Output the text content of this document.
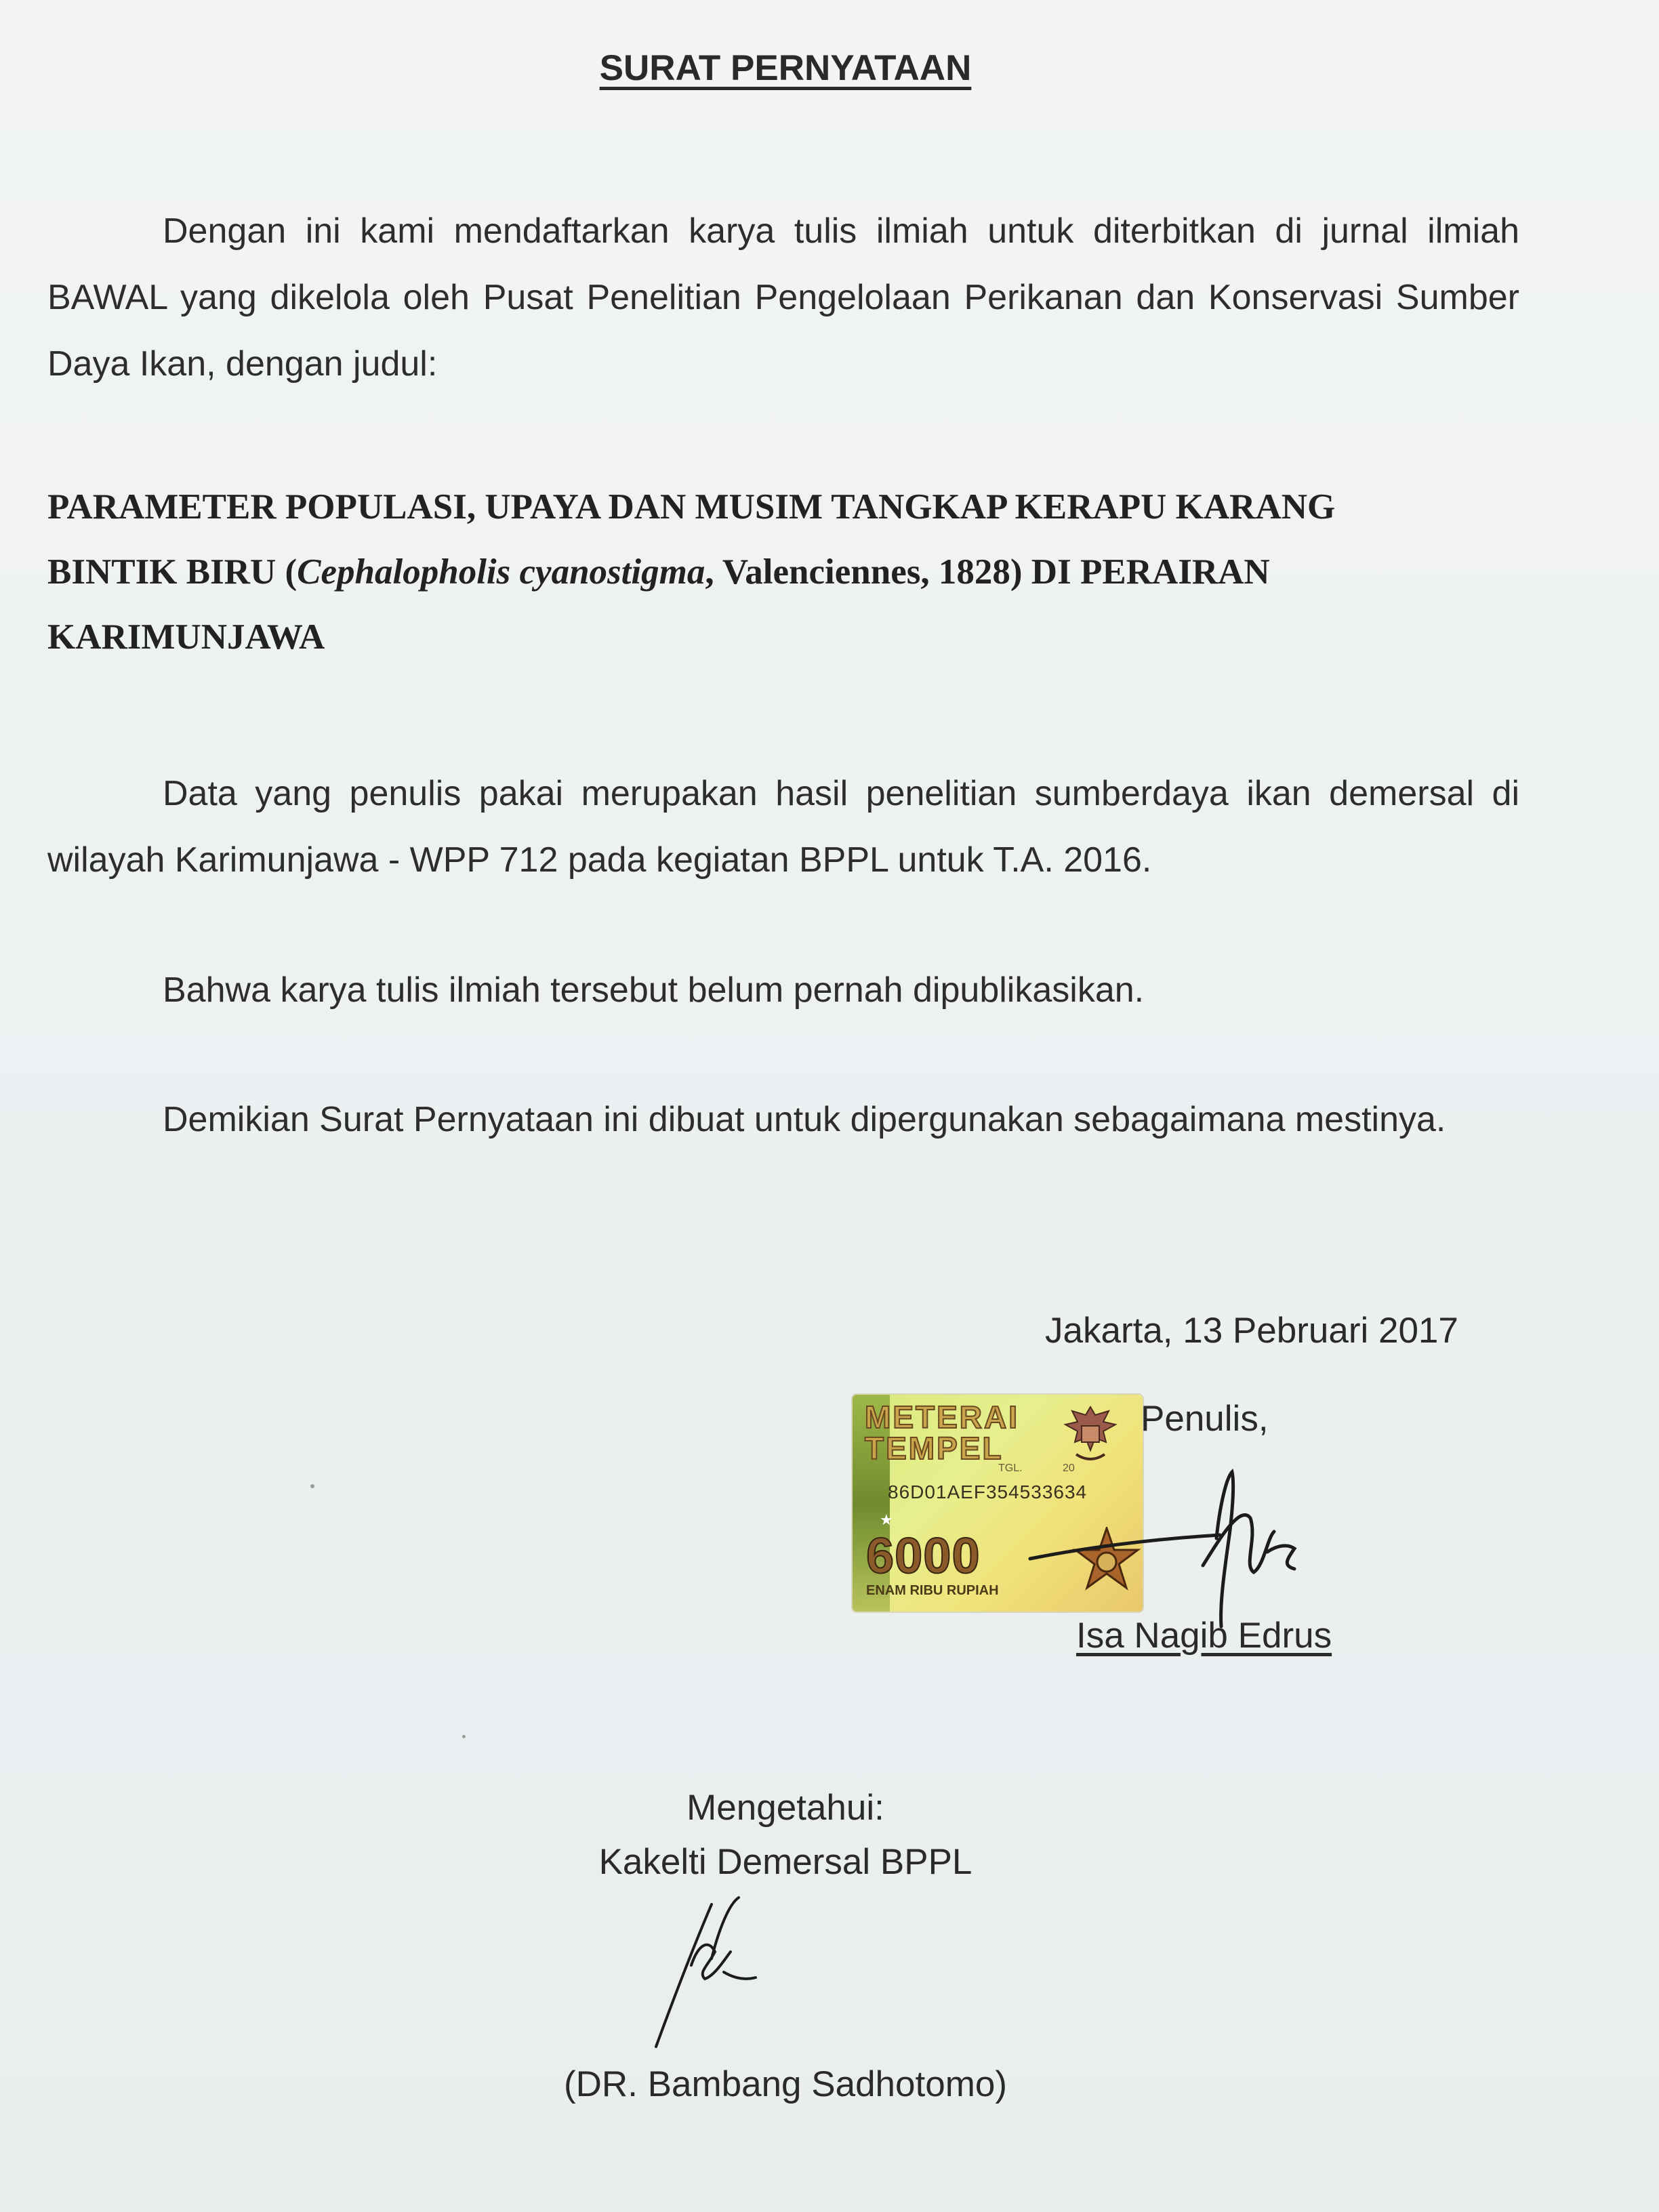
SURAT PERNYATAAN
Dengan ini kami mendaftarkan karya tulis ilmiah untuk diterbitkan di jurnal ilmiah BAWAL yang dikelola oleh Pusat Penelitian Pengelolaan Perikanan dan Konservasi Sumber Daya Ikan, dengan judul:
PARAMETER POPULASI, UPAYA DAN MUSIM TANGKAP KERAPU KARANG
BINTIK BIRU (Cephalopholis cyanostigma, Valenciennes, 1828) DI PERAIRAN
KARIMUNJAWA
Data yang penulis pakai merupakan hasil penelitian sumberdaya ikan demersal di wilayah Karimunjawa - WPP 712 pada kegiatan BPPL untuk T.A. 2016.
Bahwa karya tulis ilmiah tersebut belum pernah dipublikasikan.
Demikian Surat Pernyataan ini dibuat untuk dipergunakan sebagaimana mestinya.
Jakarta, 13 Pebruari 2017
METERAI
TEMPEL
TGL.	20
86D01AEF354533634
★
6000
ENAM RIBU RUPIAH
Penulis,
Isa Nagib Edrus
Mengetahui:
Kakelti Demersal BPPL
(DR. Bambang Sadhotomo)
